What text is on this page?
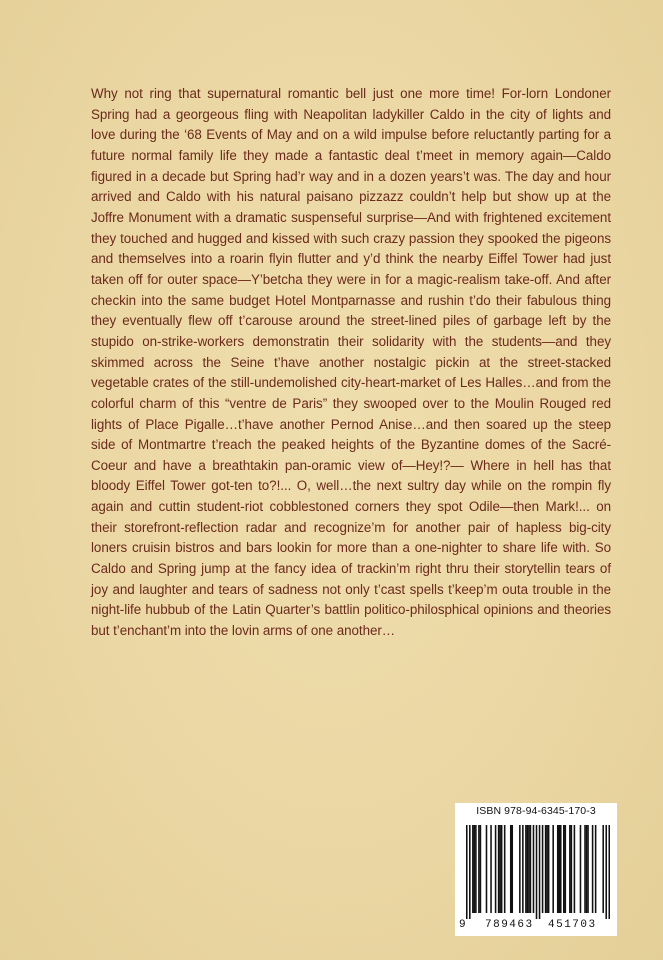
Why not ring that supernatural romantic bell just one more time! For-lorn Londoner Spring had a georgeous fling with Neapolitan ladykiller Caldo in the city of lights and love during the ‘68 Events of May and on a wild impulse before reluctantly parting for a future normal family life they made a fantastic deal t’meet in memory again—Caldo figured in a decade but Spring had’r way and in a dozen years’t was. The day and hour arrived and Caldo with his natural paisano pizzazz couldn’t help but show up at the Joffre Monument with a dramatic suspenseful surprise—And with frightened excitement they touched and hugged and kissed with such crazy passion they spooked the pigeons and themselves into a roarin flyin flutter and y’d think the nearby Eiffel Tower had just taken off for outer space—Y’betcha they were in for a magic-realism take-off. And after checkin into the same budget Hotel Montparnasse and rushin t’do their fabulous thing they eventually flew off t’carouse around the street-lined piles of garbage left by the stupido on-strike-workers demonstratin their solidarity with the students—and they skimmed across the Seine t’have another nostalgic pickin at the street-stacked vegetable crates of the still-undemolished city-heart-market of Les Halles…and from the colorful charm of this “ventre de Paris” they swooped over to the Moulin Rouged red lights of Place Pigalle…t’have another Pernod Anise…and then soared up the steep side of Montmartre t’reach the peaked heights of the Byzantine domes of the Sacré-Coeur and have a breathtakin pan-oramic view of—Hey!?— Where in hell has that bloody Eiffel Tower got-ten to?!... O, well…the next sultry day while on the rompin fly again and cuttin student-riot cobblestoned corners they spot Odile—then Mark!... on their storefront-reflection radar and recognize’m for another pair of hapless big-city loners cruisin bistros and bars lookin for more than a one-nighter to share life with. So Caldo and Spring jump at the fancy idea of trackin’m right thru their storytellin tears of joy and laughter and tears of sadness not only t’cast spells t’keep’m outa trouble in the night-life hubbub of the Latin Quarter’s battlin politico-philosphical opinions and theories but t’enchant’m into the lovin arms of one another…

ISBN 978-94-6345-170-3
9 789463 451703
